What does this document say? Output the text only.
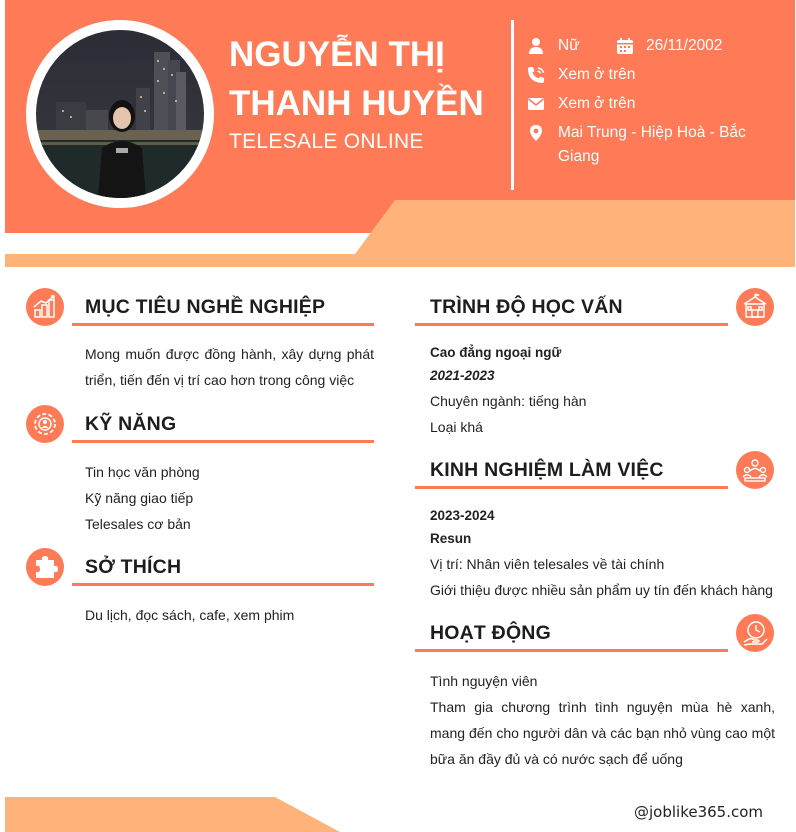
NGUYỄN THỊ
THANH HUYỀN
TELESALE ONLINE
Nữ	26/11/2002
Xem ở trên
Xem ở trên
Mai Trung - Hiệp Hoà - Bắc Giang
MỤC TIÊU NGHỀ NGHIỆP
Mong muốn được đồng hành, xây dựng phát triển, tiến đến vị trí cao hơn trong công việc
KỸ NĂNG
Tin học văn phòng
Kỹ năng giao tiếp
Telesales cơ bản
SỞ THÍCH
Du lịch, đọc sách, cafe, xem phim
TRÌNH ĐỘ HỌC VẤN
Cao đẳng ngoại ngữ
2021-2023
Chuyên ngành: tiếng hàn
Loại khá
KINH NGHIỆM LÀM VIỆC
2023-2024
Resun
Vị trí: Nhân viên telesales về tài chính
Giới thiệu được nhiều sản phẩm uy tín đến khách hàng
HOẠT ĐỘNG
Tình nguyện viên
Tham gia chương trình tình nguyện mùa hè xanh, mang đến cho người dân và các bạn nhỏ vùng cao một bữa ăn đầy đủ và có nước sạch để uống
@joblike365.com
